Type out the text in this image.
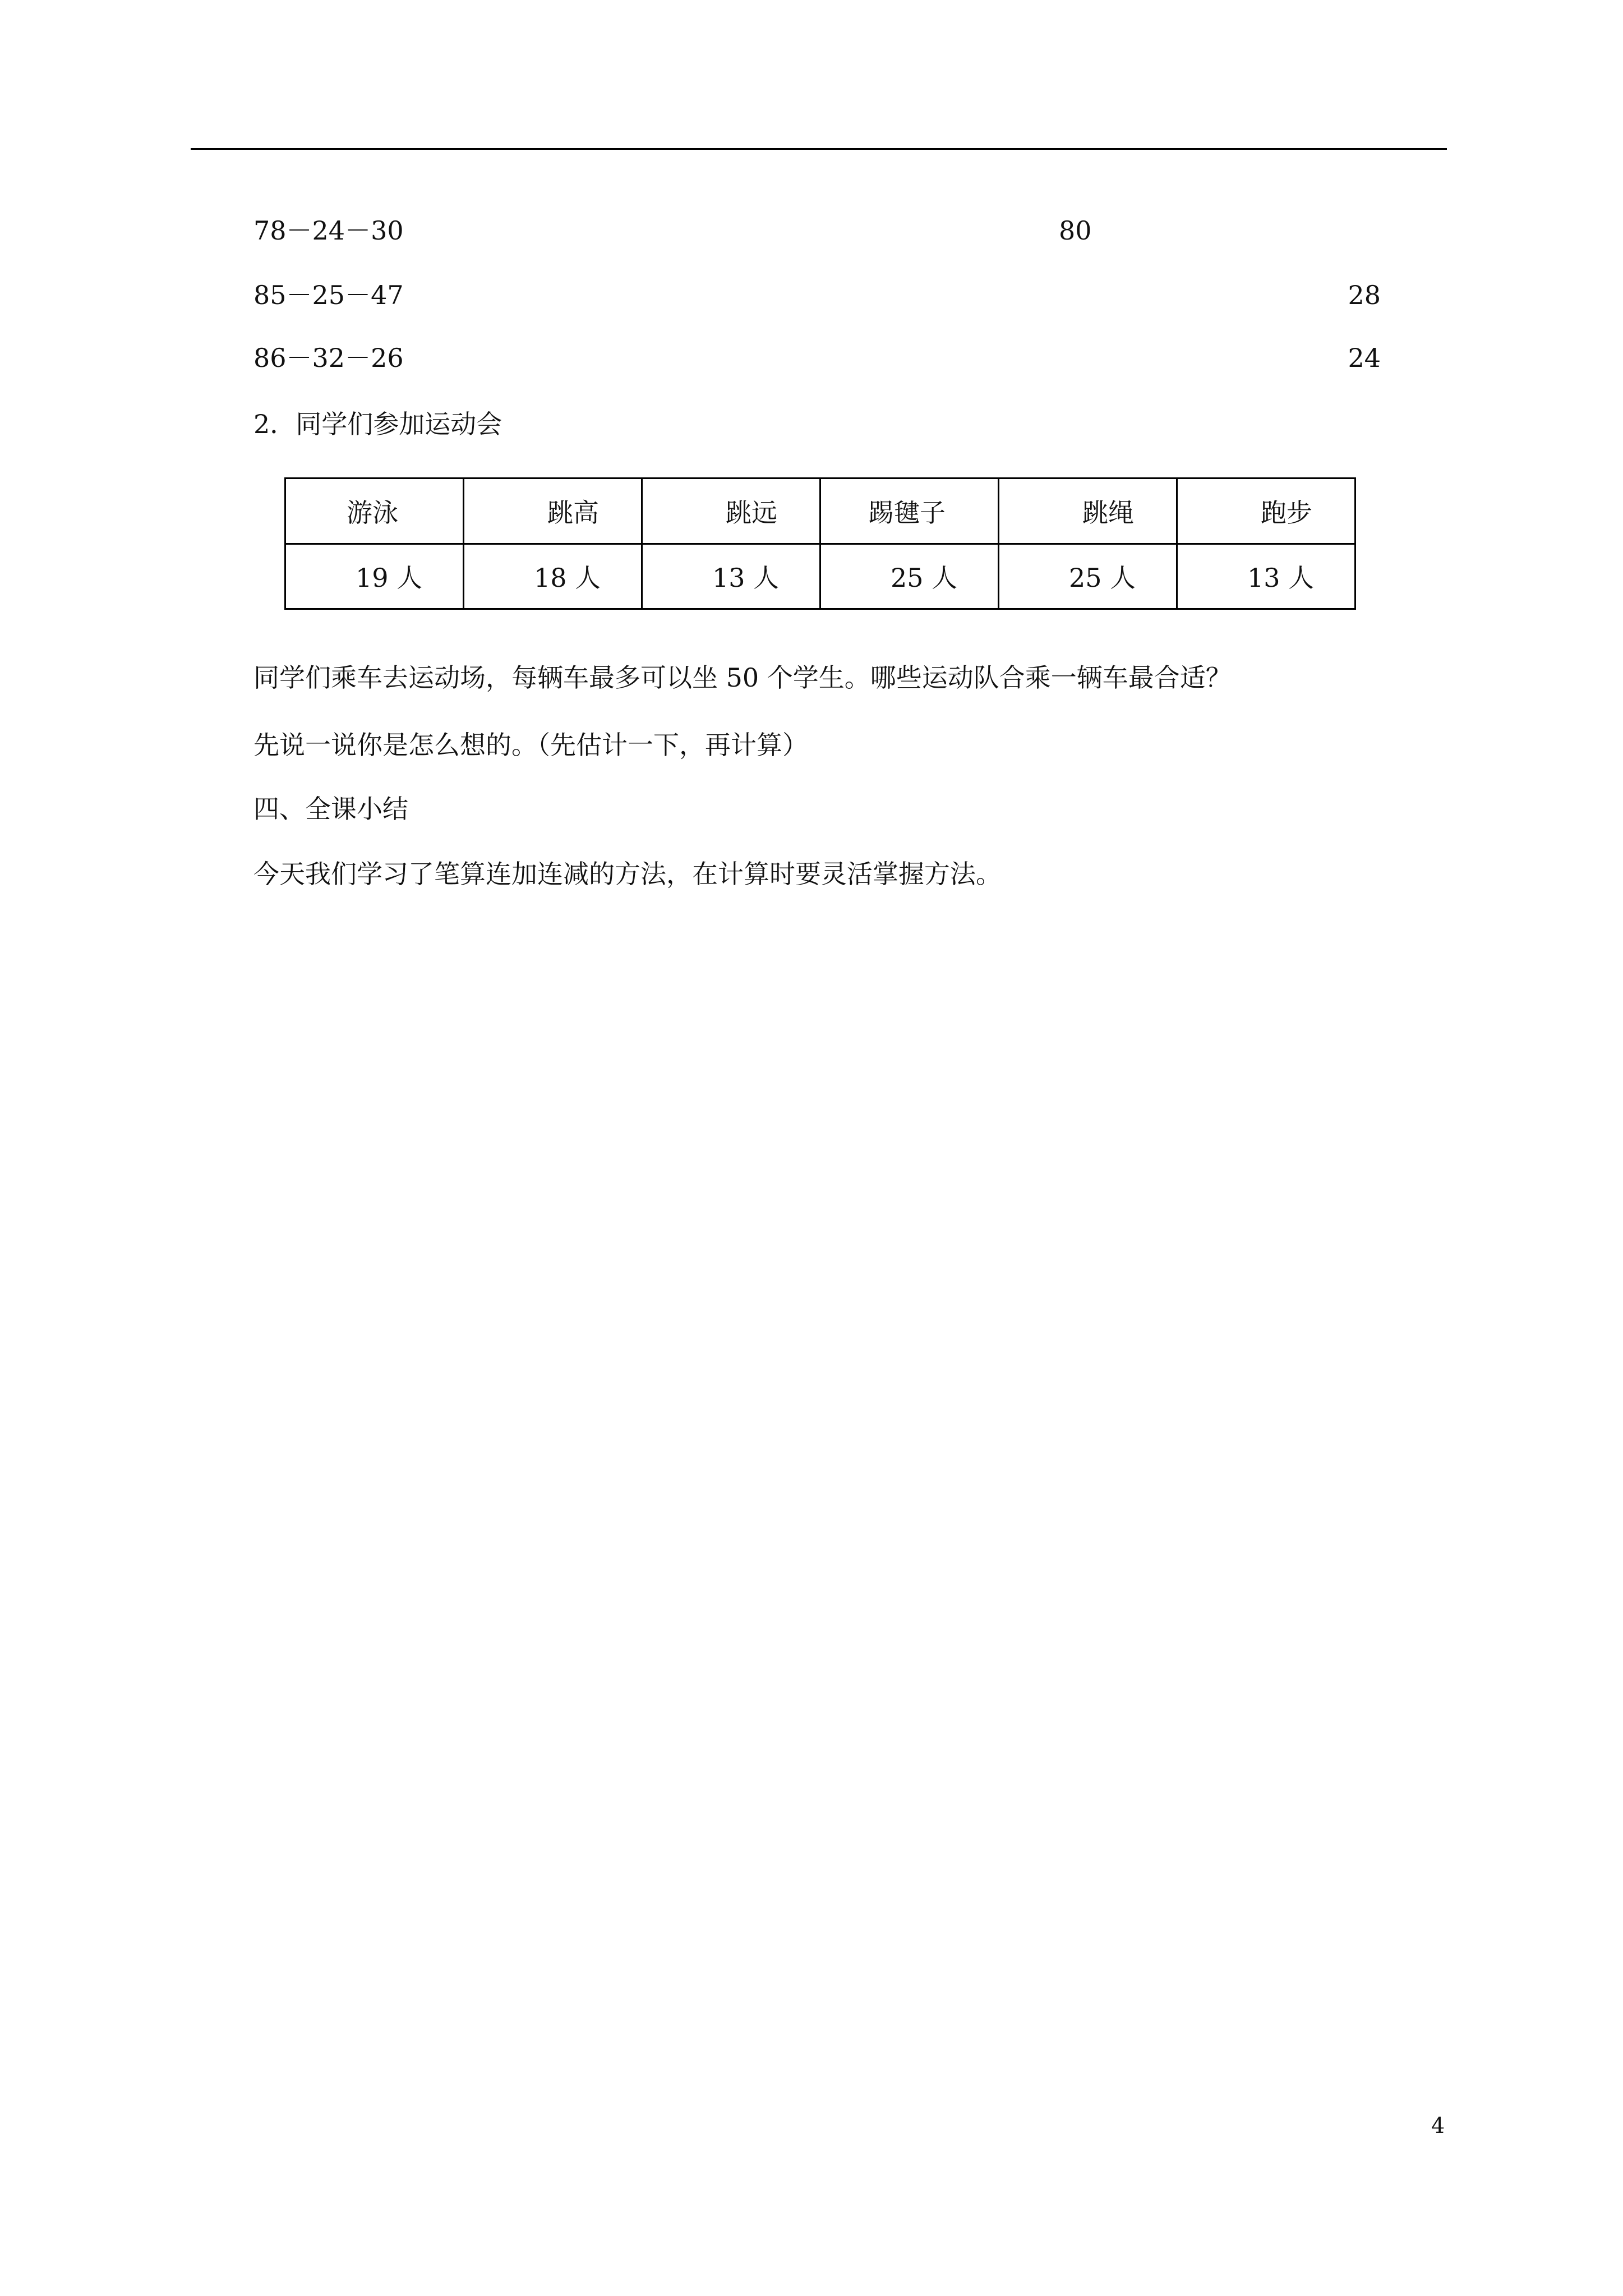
78－24－30	80
85－25－47	28
86－32－26	24
2．同学们参加运动会
游泳	跳高	跳远	踢毽子	跳绳	跑步
19 人	18 人	13 人	25 人	25 人	13 人
同学们乘车去运动场，每辆车最多可以坐 50 个学生。哪些运动队合乘一辆车最合适？
先说一说你是怎么想的。（先估计一下，再计算）
四、全课小结
今天我们学习了笔算连加连减的方法，在计算时要灵活掌握方法。
4
